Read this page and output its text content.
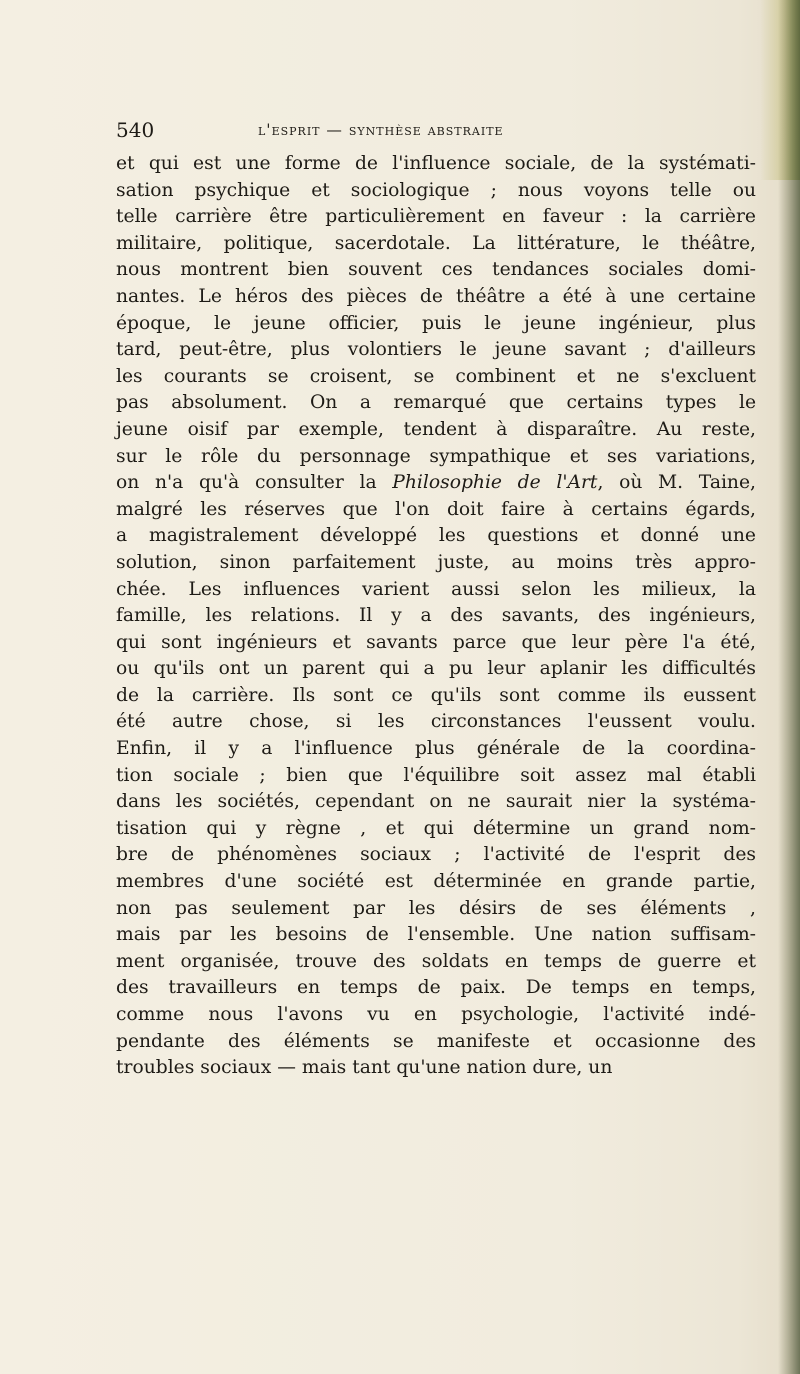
540	l'esprit — synthèse abstraite
et qui est une forme de l'influence sociale, de la systémati-
sation psychique et sociologique ; nous voyons telle ou
telle carrière être particulièrement en faveur : la carrière
militaire, politique, sacerdotale. La littérature, le théâtre,
nous montrent bien souvent ces tendances sociales domi-
nantes. Le héros des pièces de théâtre a été à une certaine
époque, le jeune officier, puis le jeune ingénieur, plus
tard, peut-être, plus volontiers le jeune savant ; d'ailleurs
les courants se croisent, se combinent et ne s'excluent
pas absolument. On a remarqué que certains types le
jeune oisif par exemple, tendent à disparaître. Au reste,
sur le rôle du personnage sympathique et ses variations,
on n'a qu'à consulter la Philosophie de l'Art, où M. Taine,
malgré les réserves que l'on doit faire à certains égards,
a magistralement développé les questions et donné une
solution, sinon parfaitement juste, au moins très appro-
chée. Les influences varient aussi selon les milieux, la
famille, les relations. Il y a des savants, des ingénieurs,
qui sont ingénieurs et savants parce que leur père l'a été,
ou qu'ils ont un parent qui a pu leur aplanir les difficultés
de la carrière. Ils sont ce qu'ils sont comme ils eussent
été autre chose, si les circonstances l'eussent voulu.
Enfin, il y a l'influence plus générale de la coordina-
tion sociale ; bien que l'équilibre soit assez mal établi
dans les sociétés, cependant on ne saurait nier la systéma-
tisation qui y règne , et qui détermine un grand nom-
bre de phénomènes sociaux ; l'activité de l'esprit des
membres d'une société est déterminée en grande partie,
non pas seulement par les désirs de ses éléments ,
mais par les besoins de l'ensemble. Une nation suffisam-
ment organisée, trouve des soldats en temps de guerre et
des travailleurs en temps de paix. De temps en temps,
comme nous l'avons vu en psychologie, l'activité indé-
pendante des éléments se manifeste et occasionne des
troubles sociaux — mais tant qu'une nation dure, un
